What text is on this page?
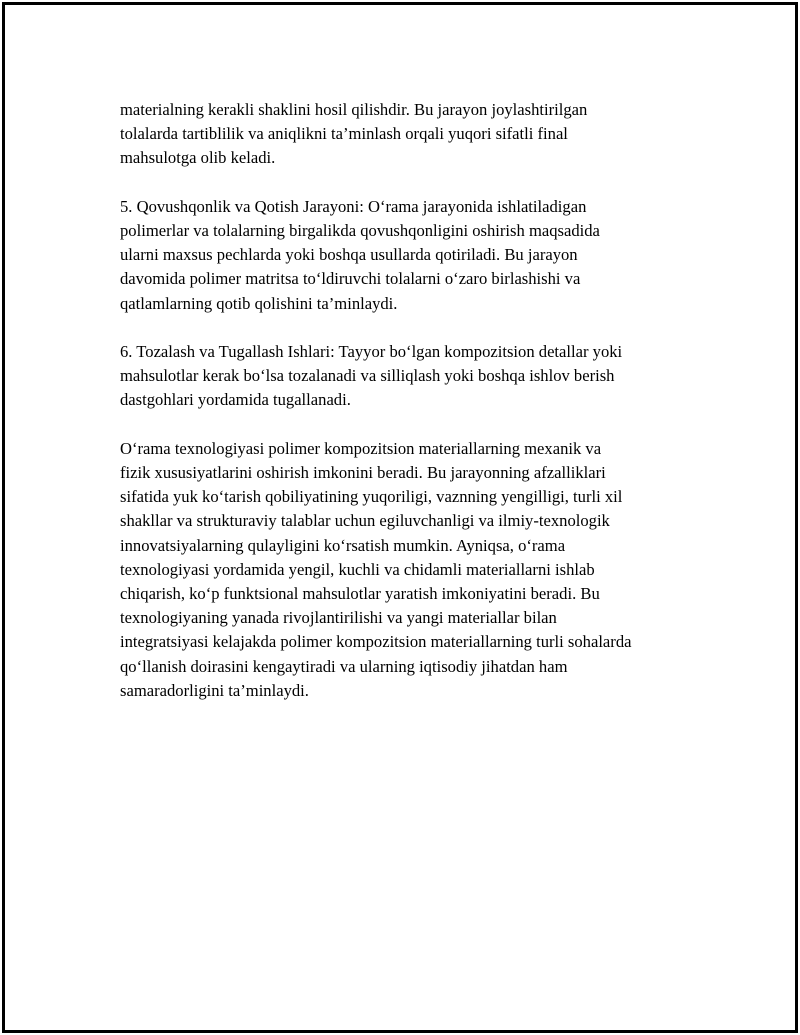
materialning kerakli shaklini hosil qilishdir. Bu jarayon joylashtirilgan
tolalarda tartiblilik va aniqlikni ta’minlash orqali yuqori sifatli final
mahsulotga olib keladi.

5. Qovushqonlik va Qotish Jarayoni: Oʻrama jarayonida ishlatiladigan
polimerlar va tolalarning birgalikda qovushqonligini oshirish maqsadida
ularni maxsus pechlarda yoki boshqa usullarda qotiriladi. Bu jarayon
davomida polimer matritsa toʻldiruvchi tolalarni oʻzaro birlashishi va
qatlamlarning qotib qolishini ta’minlaydi.

6. Tozalash va Tugallash Ishlari: Tayyor boʻlgan kompozitsion detallar yoki
mahsulotlar kerak boʻlsa tozalanadi va silliqlash yoki boshqa ishlov berish
dastgohlari yordamida tugallanadi.

Oʻrama texnologiyasi polimer kompozitsion materiallarning mexanik va
fizik xususiyatlarini oshirish imkonini beradi. Bu jarayonning afzalliklari
sifatida yuk koʻtarish qobiliyatining yuqoriligi, vaznning yengilligi, turli xil
shakllar va strukturaviy talablar uchun egiluvchanligi va ilmiy-texnologik
innovatsiyalarning qulayligini koʻrsatish mumkin. Ayniqsa, oʻrama
texnologiyasi yordamida yengil, kuchli va chidamli materiallarni ishlab
chiqarish, koʻp funktsional mahsulotlar yaratish imkoniyatini beradi. Bu
texnologiyaning yanada rivojlantirilishi va yangi materiallar bilan
integratsiyasi kelajakda polimer kompozitsion materiallarning turli sohalarda
qoʻllanish doirasini kengaytiradi va ularning iqtisodiy jihatdan ham
samaradorligini ta’minlaydi.
